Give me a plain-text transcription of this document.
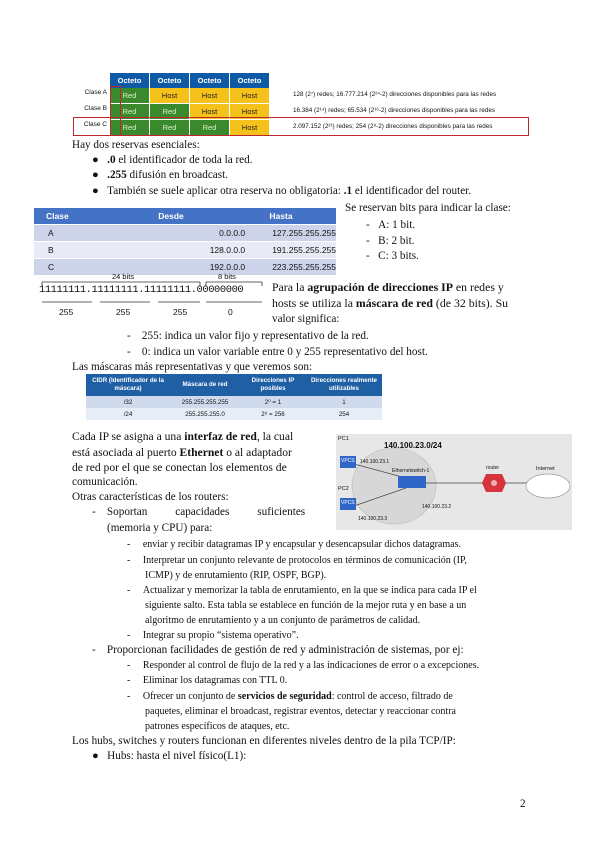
Octeto	Octeto	Octeto	Octeto
Clase A	Red	Host	Host	Host	128 (2⁷) redes; 16.777.214 (2²⁴-2) direcciones disponibles para las redes
Clase B	Red	Red	Host	Host	16.384 (2¹⁴) redes; 65.534 (2¹⁶-2) direcciones disponibles para las redes
Clase C	Red	Red	Red	Host	2.097.152 (2²¹) redes; 254 (2⁸-2) direcciones disponibles para las redes
Hay dos reservas esenciales:
● .0 el identificador de toda la red.
● .255 difusión en broadcast.
● También se suele aplicar otra reserva no obligatoria: .1 el identificador del router.
Clase	Desde	Hasta
A	0.0.0.0	127.255.255.255
B	128.0.0.0	191.255.255.255
C	192.0.0.0	223.255.255.255
Se reservan bits para indicar la clase:
-   A: 1 bit.
-   B: 2 bit.
-   C: 3 bits.
24 bits	8 bits
11111111.11111111.11111111.00000000
255	255	255	0
Para la agrupación de direcciones IP en redes y
hosts se utiliza la máscara de red (de 32 bits). Su
valor significa:
-    255: indica un valor fijo y representativo de la red.
-    0: indica un valor variable entre 0 y 255 representativo del host.
Las máscaras más representativas y que veremos son:
CIDR (Identificador de la máscara)	Máscara de red	Direcciones IP posibles	Direcciones realmente utilizables
/32	255.255.255.255	2⁰ = 1	1
/24	255.255.255.0	2⁸ = 256	254
Cada IP se asigna a una interfaz de red, la cual
está asociada al puerto Ethernet o al adaptador
de red por el que se conectan los elementos de
comunicación.
Otras características de los routers:
PC1
140.100.23.0/24
VPCS 140.100.23.1
PC2
VPCS
140.100.23.3
Ethernetswitch-1
140.100.23.2
router	Internet
-    Soportan          capacidades          suficientes
(memoria y CPU) para:
-     enviar y recibir datagramas IP y encapsular y desencapsular dichos datagramas.
-     Interpretar un conjunto relevante de protocolos en términos de comunicación (IP,
ICMP) y de enrutamiento (RIP, OSPF, BGP).
-     Actualizar y memorizar la tabla de enrutamiento, en la que se indica para cada IP el
siguiente salto. Esta tabla se establece en función de la mejor ruta y en base a un
algoritmo de enrutamiento y a un conjunto de parámetros de calidad.
-     Integrar su propio “sistema operativo”.
-    Proporcionan facilidades de gestión de red y administración de sistemas, por ej:
-     Responder al control de flujo de la red y a las indicaciones de error o a excepciones.
-     Eliminar los datagramas con TTL 0.
-     Ofrecer un conjunto de servicios de seguridad: control de acceso, filtrado de
paquetes, eliminar el broadcast, registrar eventos, detectar y reaccionar contra
patrones específicos de ataques, etc.
Los hubs, switches y routers funcionan en diferentes niveles dentro de la pila TCP/IP:
● Hubs: hasta el nivel físico(L1):
2
